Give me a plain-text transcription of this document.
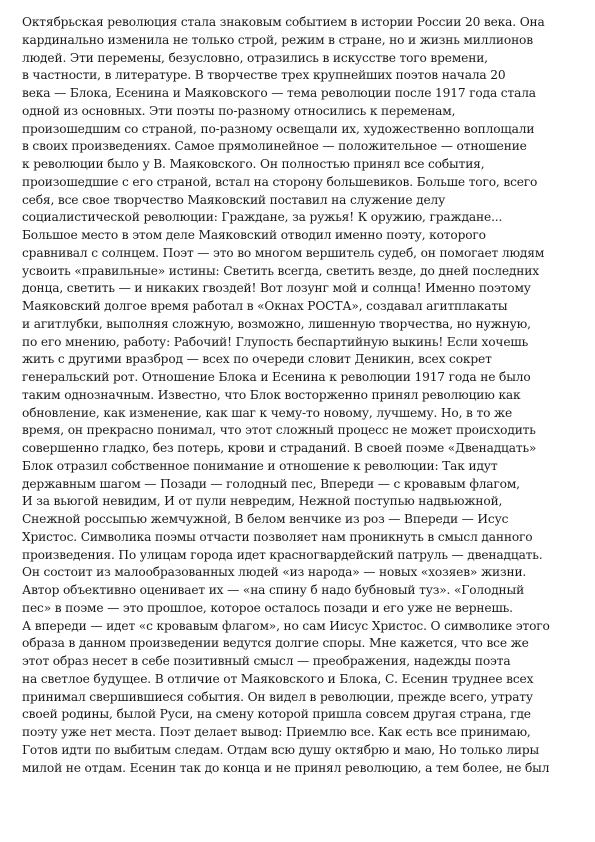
Октябрьская революция стала знаковым событием в истории России 20 века. Она
кардинально изменила не только строй, режим в стране, но и жизнь миллионов
людей. Эти перемены, безусловно, отразились в искусстве того времени,
в частности, в литературе. В творчестве трех крупнейших поэтов начала 20
века — Блока, Есенина и Маяковского — тема революции после 1917 года стала
одной из основных. Эти поэты по-разному относились к переменам,
произошедшим со страной, по-разному освещали их, художественно воплощали
в своих произведениях. Самое прямолинейное — положительное — отношение
к революции было у В. Маяковского. Он полностью принял все события,
произошедшие с его страной, встал на сторону большевиков. Больше того, всего
себя, все свое творчество Маяковский поставил на служение делу
социалистической революции: Граждане, за ружья! К оружию, граждане...
Большое место в этом деле Маяковский отводил именно поэту, которого
сравнивал с солнцем. Поэт — это во многом вершитель судеб, он помогает людям
усвоить «правильные» истины: Светить всегда, светить везде, до дней последних
донца, светить — и никаких гвоздей! Вот лозунг мой и солнца! Именно поэтому
Маяковский долгое время работал в «Окнах РОСТА», создавал агитплакаты
и агитлубки, выполняя сложную, возможно, лишенную творчества, но нужную,
по его мнению, работу: Рабочий! Глупость беспартийную выкинь! Если хочешь
жить с другими вразброд — всех по очереди словит Деникин, всех сокрет
генеральский рот. Отношение Блока и Есенина к революции 1917 года не было
таким однозначным. Известно, что Блок восторженно принял революцию как
обновление, как изменение, как шаг к чему-то новому, лучшему. Но, в то же
время, он прекрасно понимал, что этот сложный процесс не может происходить
совершенно гладко, без потерь, крови и страданий. В своей поэме «Двенадцать»
Блок отразил собственное понимание и отношение к революции: Так идут
державным шагом — Позади — голодный пес, Впереди — с кровавым флагом,
И за вьюгой невидим, И от пули невредим, Нежной поступью надвьюжной,
Снежной россыпью жемчужной, В белом венчике из роз — Впереди — Исус
Христос. Символика поэмы отчасти позволяет нам проникнуть в смысл данного
произведения. По улицам города идет красногвардейский патруль — двенадцать.
Он состоит из малообразованных людей «из народа» — новых «хозяев» жизни.
Автор объективно оценивает их — «на спину б надо бубновый туз». «Голодный
пес» в поэме — это прошлое, которое осталось позади и его уже не вернешь.
А впереди — идет «с кровавым флагом», но сам Иисус Христос. О символике этого
образа в данном произведении ведутся долгие споры. Мне кажется, что все же
этот образ несет в себе позитивный смысл — преображения, надежды поэта
на светлое будущее. В отличие от Маяковского и Блока, С. Есенин труднее всех
принимал свершившиеся события. Он видел в революции, прежде всего, утрату
своей родины, былой Руси, на смену которой пришла совсем другая страна, где
поэту уже нет места. Поэт делает вывод: Приемлю все. Как есть все принимаю,
Готов идти по выбитым следам. Отдам всю душу октябрю и маю, Но только лиры
милой не отдам. Есенин так до конца и не принял революцию, а тем более, не был
